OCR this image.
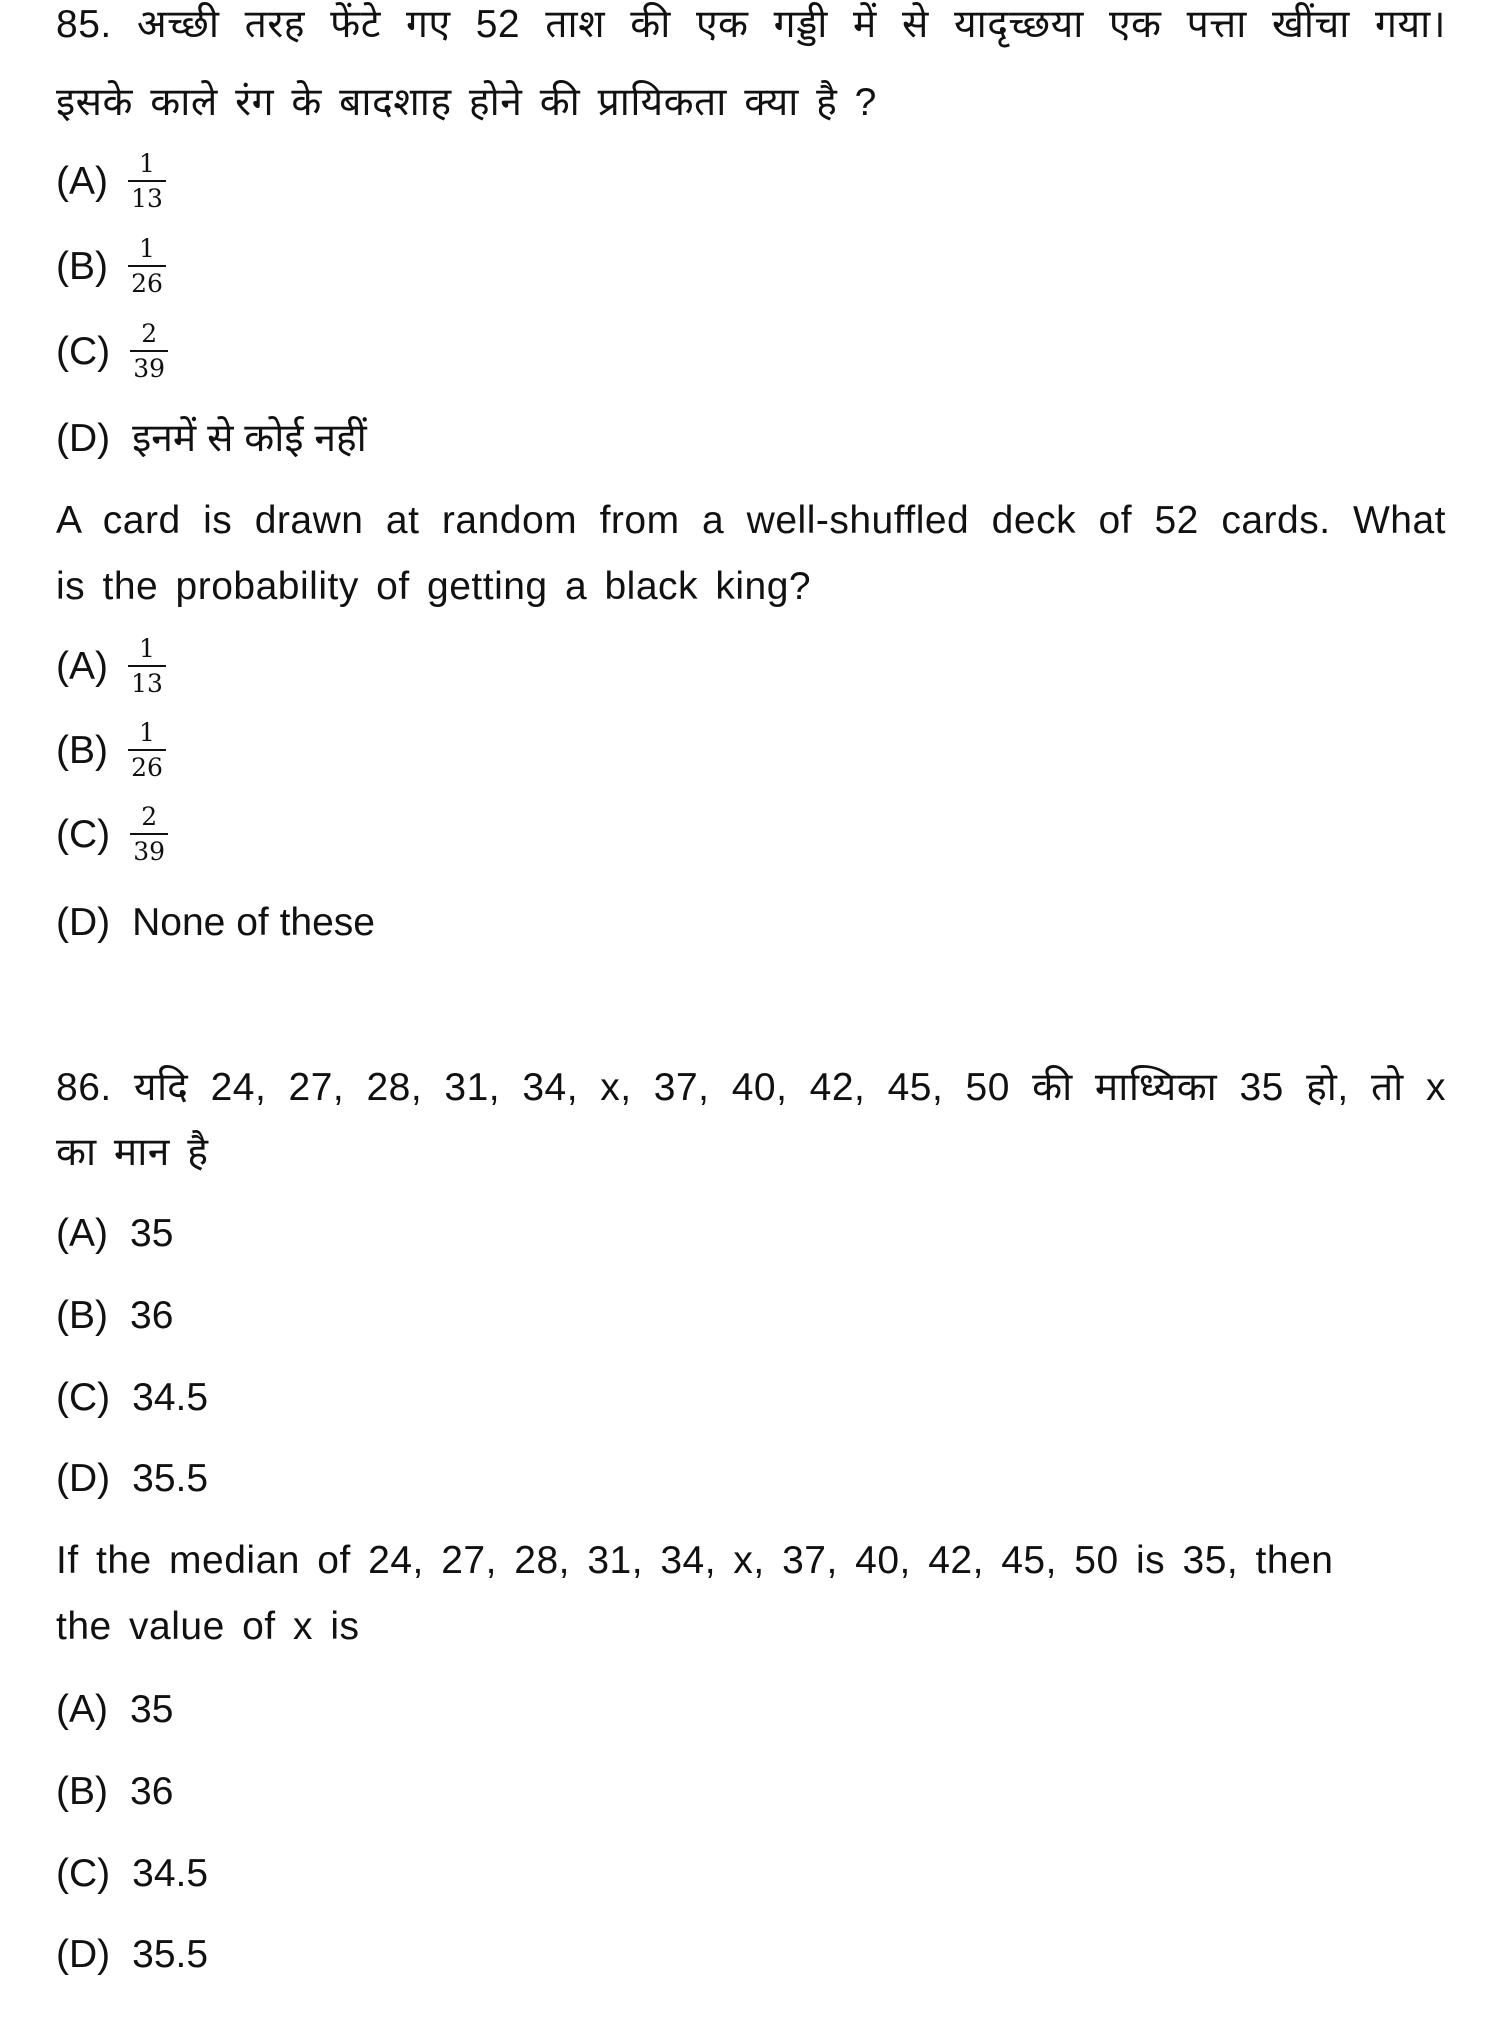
85. अच्छी तरह फेंटे गए 52 ताश की एक गड्डी में से यादृच्छया एक पत्ता खींचा गया।
इसके काले रंग के बादशाह होने की प्रायिकता क्या है ?
$(A) \frac{1}{13}$
$(B) \frac{1}{26}$
$(C) \frac{2}{39}$
(D) इनमें से कोई नहीं
A card is drawn at random from a well-shuffled deck of 52 cards. What
is the probability of getting a black king?
$(A) \frac{1}{13}$
$(B) \frac{1}{26}$
$(C) \frac{2}{39}$
(D) None of these
86. यदि 24, 27, 28, 31, 34, x, 37, 40, 42, 45, 50 की माध्यिका 35 हो, तो x
का मान है
(A) 35
(B) 36
(C) 34.5
(D) 35.5
If the median of 24, 27, 28, 31, 34, x, 37, 40, 42, 45, 50 is 35, then
the value of x is
(A) 35
(B) 36
(C) 34.5
(D) 35.5
